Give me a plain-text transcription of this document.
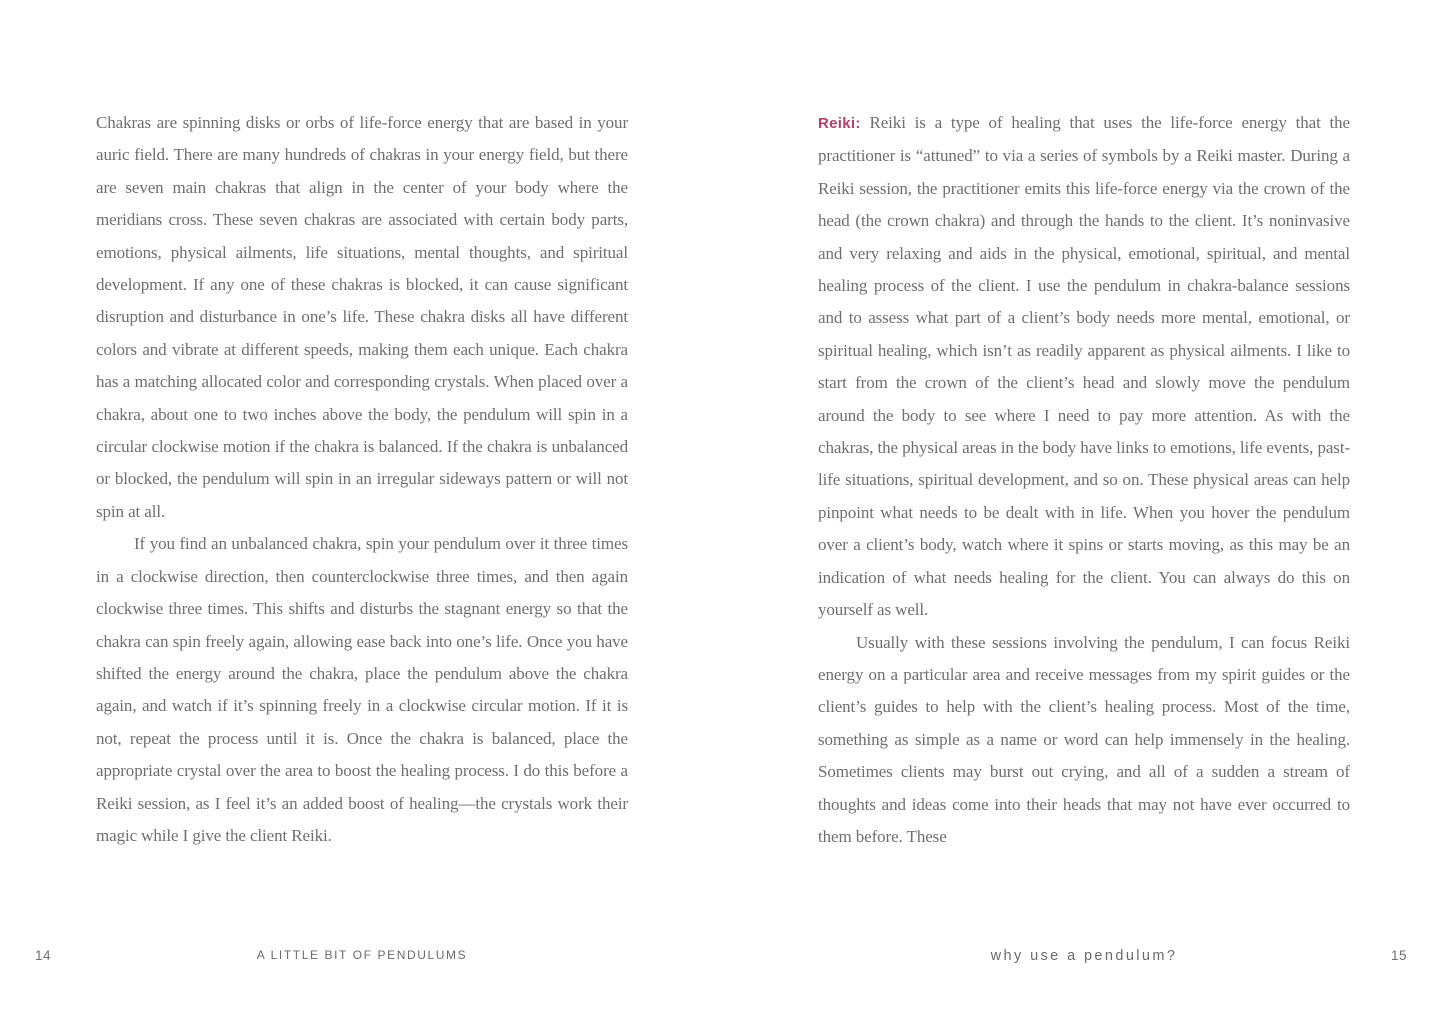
Chakras are spinning disks or orbs of life-force energy that are based in your auric field. There are many hundreds of chakras in your energy field, but there are seven main chakras that align in the center of your body where the meridians cross. These seven chakras are associated with certain body parts, emotions, physical ailments, life situations, mental thoughts, and spiritual development. If any one of these chakras is blocked, it can cause significant disruption and disturbance in one’s life. These chakra disks all have different colors and vibrate at different speeds, making them each unique. Each chakra has a matching allocated color and corresponding crystals. When placed over a chakra, about one to two inches above the body, the pendulum will spin in a circular clockwise motion if the chakra is balanced. If the chakra is unbalanced or blocked, the pendulum will spin in an irregular sideways pattern or will not spin at all.

If you find an unbalanced chakra, spin your pendulum over it three times in a clockwise direction, then counterclockwise three times, and then again clockwise three times. This shifts and disturbs the stagnant energy so that the chakra can spin freely again, allowing ease back into one’s life. Once you have shifted the energy around the chakra, place the pendulum above the chakra again, and watch if it’s spinning freely in a clockwise circular motion. If it is not, repeat the process until it is. Once the chakra is balanced, place the appropriate crystal over the area to boost the healing process. I do this before a Reiki session, as I feel it’s an added boost of healing—the crystals work their magic while I give the client Reiki.

Reiki: Reiki is a type of healing that uses the life-force energy that the practitioner is “attuned” to via a series of symbols by a Reiki master. During a Reiki session, the practitioner emits this life-force energy via the crown of the head (the crown chakra) and through the hands to the client. It’s noninvasive and very relaxing and aids in the physical, emotional, spiritual, and mental healing process of the client. I use the pendulum in chakra-balance sessions and to assess what part of a client’s body needs more mental, emotional, or spiritual healing, which isn’t as readily apparent as physical ailments. I like to start from the crown of the client’s head and slowly move the pendulum around the body to see where I need to pay more attention. As with the chakras, the physical areas in the body have links to emotions, life events, past-life situations, spiritual development, and so on. These physical areas can help pinpoint what needs to be dealt with in life. When you hover the pendulum over a client’s body, watch where it spins or starts moving, as this may be an indication of what needs healing for the client. You can always do this on yourself as well.

Usually with these sessions involving the pendulum, I can focus Reiki energy on a particular area and receive messages from my spirit guides or the client’s guides to help with the client’s healing process. Most of the time, something as simple as a name or word can help immensely in the healing. Sometimes clients may burst out crying, and all of a sudden a stream of thoughts and ideas come into their heads that may not have ever occurred to them before. These

14	A LITTLE BIT OF PENDULUMS	why use a pendulum?	15
